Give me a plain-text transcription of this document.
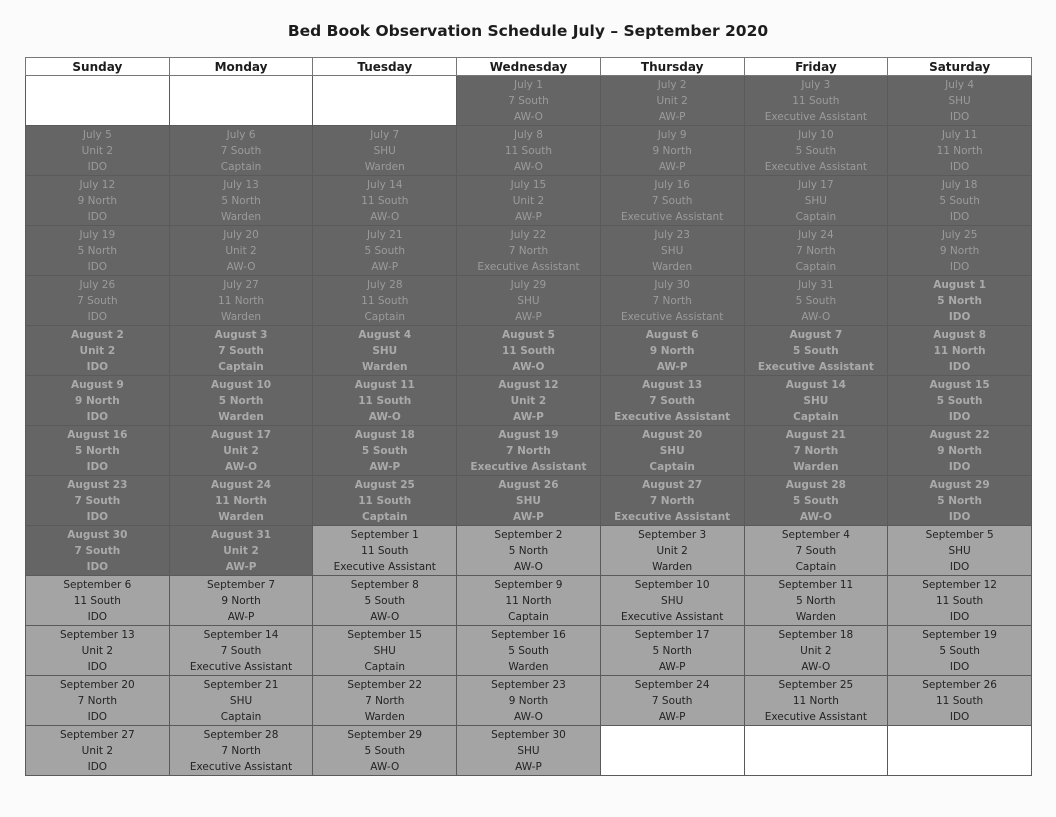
Bed Book Observation Schedule July – September 2020
Sunday	Monday	Tuesday	Wednesday	Thursday	Friday	Saturday

			July 1
7 South
AW-O	July 2
Unit 2
AW-P	July 3
11 South
Executive Assistant	July 4
SHU
IDO

July 5
Unit 2
IDO	July 6
7 South
Captain	July 7
SHU
Warden	July 8
11 South
AW-O	July 9
9 North
AW-P	July 10
5 South
Executive Assistant	July 11
11 North
IDO

July 12
9 North
IDO	July 13
5 North
Warden	July 14
11 South
AW-O	July 15
Unit 2
AW-P	July 16
7 South
Executive Assistant	July 17
SHU
Captain	July 18
5 South
IDO

July 19
5 North
IDO	July 20
Unit 2
AW-O	July 21
5 South
AW-P	July 22
7 North
Executive Assistant	July 23
SHU
Warden	July 24
7 North
Captain	July 25
9 North
IDO

July 26
7 South
IDO	July 27
11 North
Warden	July 28
11 South
Captain	July 29
SHU
AW-P	July 30
7 North
Executive Assistant	July 31
5 South
AW-O	August 1
5 North
IDO

August 2
Unit 2
IDO	August 3
7 South
Captain	August 4
SHU
Warden	August 5
11 South
AW-O	August 6
9 North
AW-P	August 7
5 South
Executive Assistant	August 8
11 North
IDO

August 9
9 North
IDO	August 10
5 North
Warden	August 11
11 South
AW-O	August 12
Unit 2
AW-P	August 13
7 South
Executive Assistant	August 14
SHU
Captain	August 15
5 South
IDO

August 16
5 North
IDO	August 17
Unit 2
AW-O	August 18
5 South
AW-P	August 19
7 North
Executive Assistant	August 20
SHU
Captain	August 21
7 North
Warden	August 22
9 North
IDO

August 23
7 South
IDO	August 24
11 North
Warden	August 25
11 South
Captain	August 26
SHU
AW-P	August 27
7 North
Executive Assistant	August 28
5 South
AW-O	August 29
5 North
IDO

August 30
7 South
IDO	August 31
Unit 2
AW-P	September 1
11 South
Executive Assistant	September 2
5 North
AW-O	September 3
Unit 2
Warden	September 4
7 South
Captain	September 5
SHU
IDO

September 6
11 South
IDO	September 7
9 North
AW-P	September 8
5 South
AW-O	September 9
11 North
Captain	September 10
SHU
Executive Assistant	September 11
5 North
Warden	September 12
11 South
IDO

September 13
Unit 2
IDO	September 14
7 South
Executive Assistant	September 15
SHU
Captain	September 16
5 South
Warden	September 17
5 North
AW-P	September 18
Unit 2
AW-O	September 19
5 South
IDO

September 20
7 North
IDO	September 21
SHU
Captain	September 22
7 North
Warden	September 23
9 North
AW-O	September 24
7 South
AW-P	September 25
11 North
Executive Assistant	September 26
11 South
IDO

September 27
Unit 2
IDO	September 28
7 North
Executive Assistant	September 29
5 South
AW-O	September 30
SHU
AW-P			
